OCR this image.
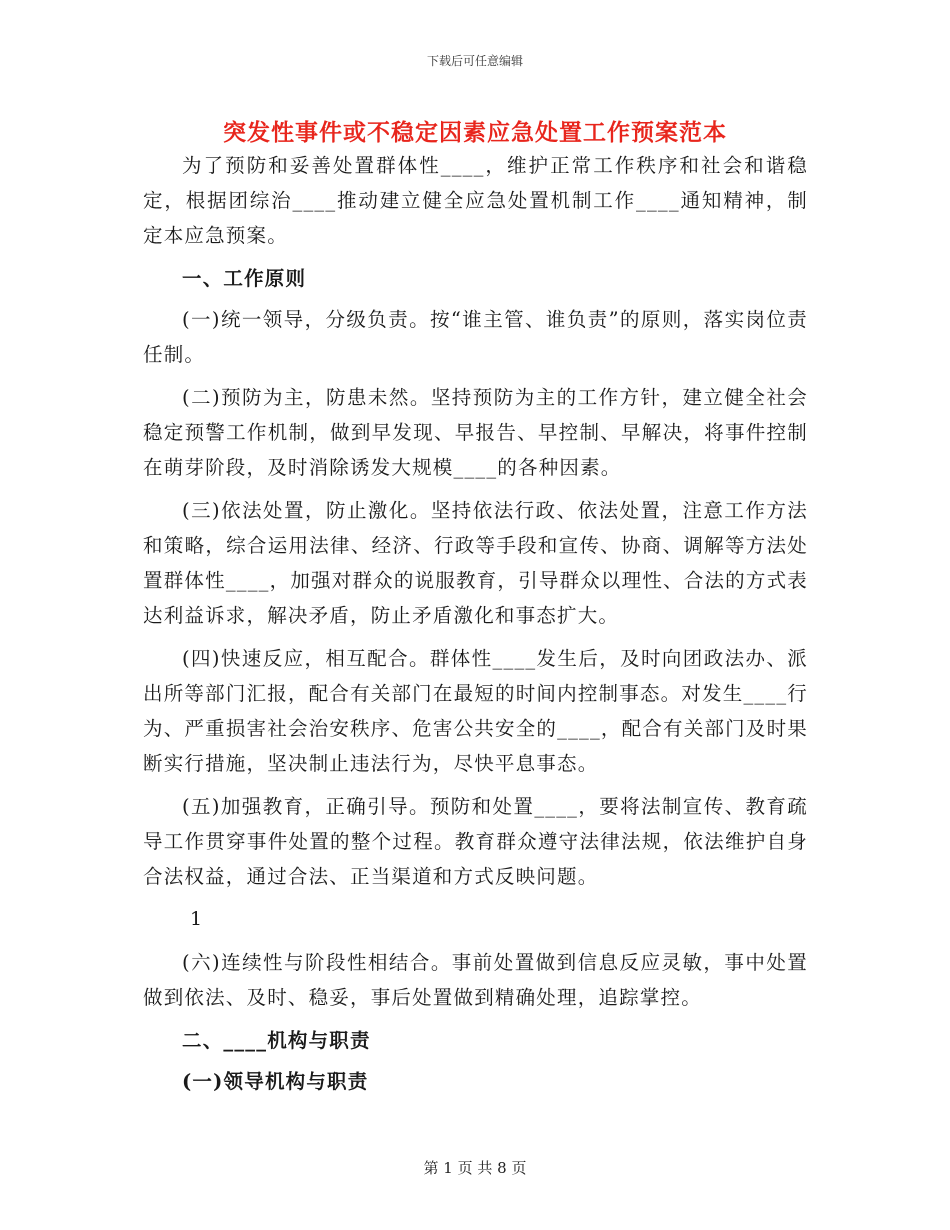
下载后可任意编辑
突发性事件或不稳定因素应急处置工作预案范本

为了预防和妥善处置群体性____，维护正常工作秩序和社会和谐稳定，根据团综治____推动建立健全应急处置机制工作____通知精神，制定本应急预案。

一、工作原则

(一)统一领导，分级负责。按“谁主管、谁负责”的原则，落实岗位责任制。

(二)预防为主，防患未然。坚持预防为主的工作方针，建立健全社会稳定预警工作机制，做到早发现、早报告、早控制、早解决，将事件控制在萌芽阶段，及时消除诱发大规模____的各种因素。

(三)依法处置，防止激化。坚持依法行政、依法处置，注意工作方法和策略，综合运用法律、经济、行政等手段和宣传、协商、调解等方法处置群体性____，加强对群众的说服教育，引导群众以理性、合法的方式表达利益诉求，解决矛盾，防止矛盾激化和事态扩大。

(四)快速反应，相互配合。群体性____发生后，及时向团政法办、派出所等部门汇报，配合有关部门在最短的时间内控制事态。对发生____行为、严重损害社会治安秩序、危害公共安全的____，配合有关部门及时果断实行措施，坚决制止违法行为，尽快平息事态。

(五)加强教育，正确引导。预防和处置____，要将法制宣传、教育疏导工作贯穿事件处置的整个过程。教育群众遵守法律法规，依法维护自身合法权益，通过合法、正当渠道和方式反映问题。

1

(六)连续性与阶段性相结合。事前处置做到信息反应灵敏，事中处置做到依法、及时、稳妥，事后处置做到精确处理，追踪掌控。

二、____机构与职责

(一)领导机构与职责

第 1 页 共 8 页
